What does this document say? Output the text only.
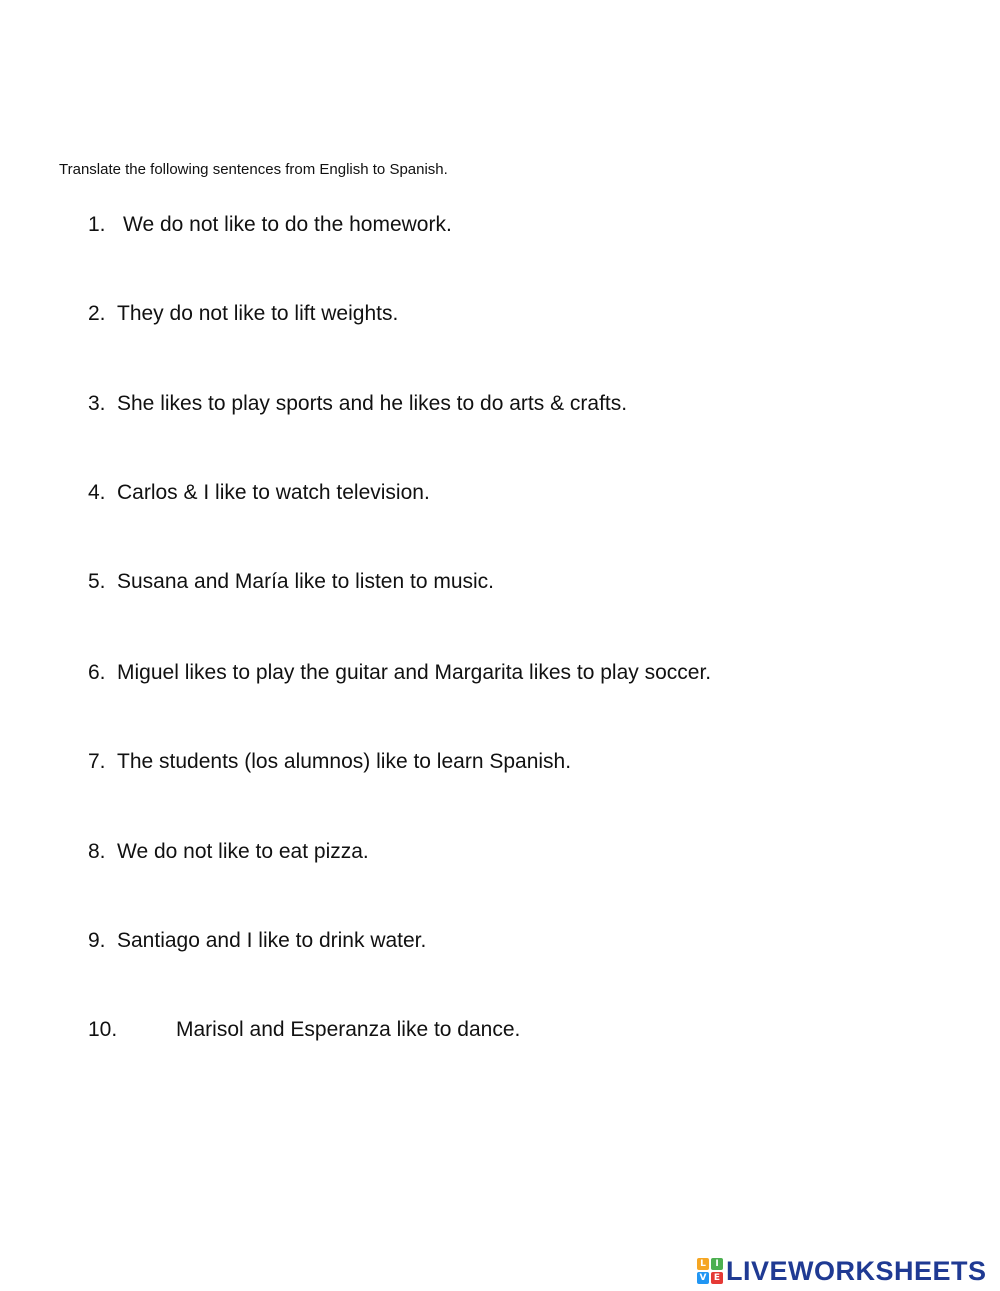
Translate the following sentences from English to Spanish.
1. We do not like to do the homework.
2. They do not like to lift weights.
3. She likes to play sports and he likes to do arts & crafts.
4. Carlos & I like to watch television.
5. Susana and María like to listen to music.
6. Miguel likes to play the guitar and Margarita likes to play soccer.
7. The students (los alumnos) like to learn Spanish.
8. We do not like to eat pizza.
9. Santiago and I like to drink water.
10.	Marisol and Esperanza like to dance.
L	I
V E LIVEWORKSHEETS
